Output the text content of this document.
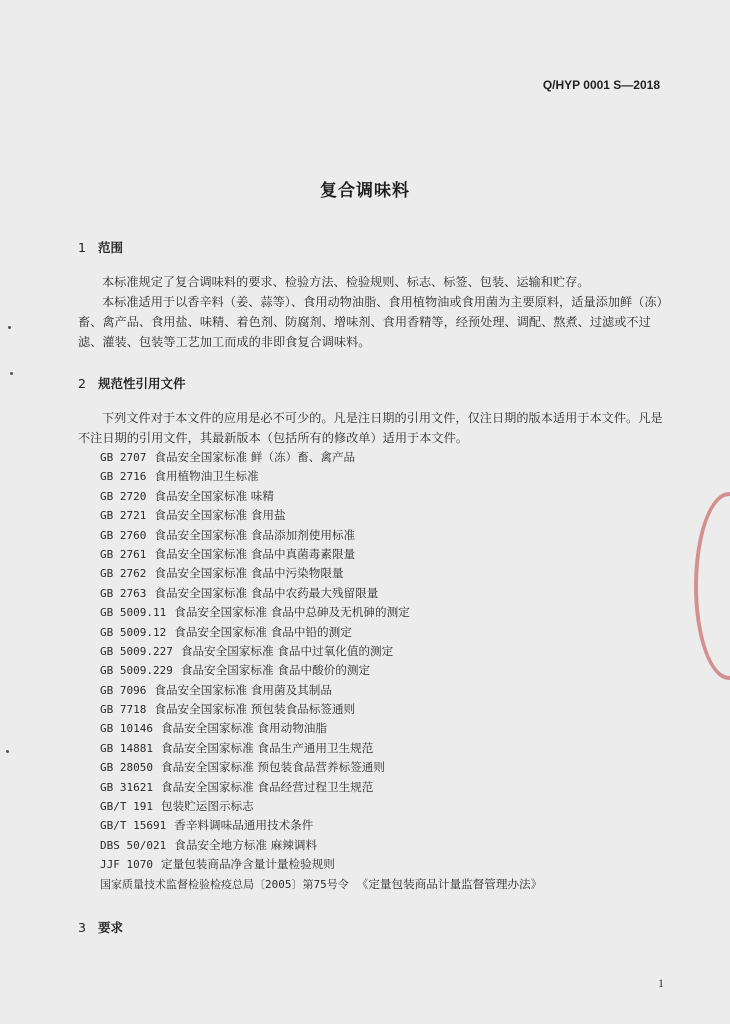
Q/HYP 0001 S—2018
复合调味料
1 范围

本标准规定了复合调味料的要求、检验方法、检验规则、标志、标签、包装、运输和贮存。

本标准适用于以香辛料（姜、蒜等）、食用动物油脂、食用植物油或食用菌为主要原料，适量添加鲜（冻）畜、禽产品、食用盐、味精、着色剂、防腐剂、增味剂、食用香精等，经预处理、调配、熬煮、过滤或不过滤、灌装、包装等工艺加工而成的非即食复合调味料。

2 规范性引用文件

下列文件对于本文件的应用是必不可少的。凡是注日期的引用文件，仅注日期的版本适用于本文件。凡是不注日期的引用文件，其最新版本（包括所有的修改单）适用于本文件。

GB 2707 食品安全国家标准 鲜（冻）畜、禽产品
GB 2716 食用植物油卫生标准
GB 2720 食品安全国家标准 味精
GB 2721 食品安全国家标准 食用盐
GB 2760 食品安全国家标准 食品添加剂使用标准
GB 2761 食品安全国家标准 食品中真菌毒素限量
GB 2762 食品安全国家标准 食品中污染物限量
GB 2763 食品安全国家标准 食品中农药最大残留限量
GB 5009.11 食品安全国家标准 食品中总砷及无机砷的测定
GB 5009.12 食品安全国家标准 食品中铅的测定
GB 5009.227 食品安全国家标准 食品中过氧化值的测定
GB 5009.229 食品安全国家标准 食品中酸价的测定
GB 7096 食品安全国家标准 食用菌及其制品
GB 7718 食品安全国家标准 预包装食品标签通则
GB 10146 食品安全国家标准 食用动物油脂
GB 14881 食品安全国家标准 食品生产通用卫生规范
GB 28050 食品安全国家标准 预包装食品营养标签通则
GB 31621 食品安全国家标准 食品经营过程卫生规范
GB/T 191 包装贮运图示标志
GB/T 15691 香辛料调味品通用技术条件
DBS 50/021 食品安全地方标准 麻辣调料
JJF 1070 定量包装商品净含量计量检验规则
国家质量技术监督检验检疫总局〔2005〕第75号令 《定量包装商品计量监督管理办法》
3 要求
1
